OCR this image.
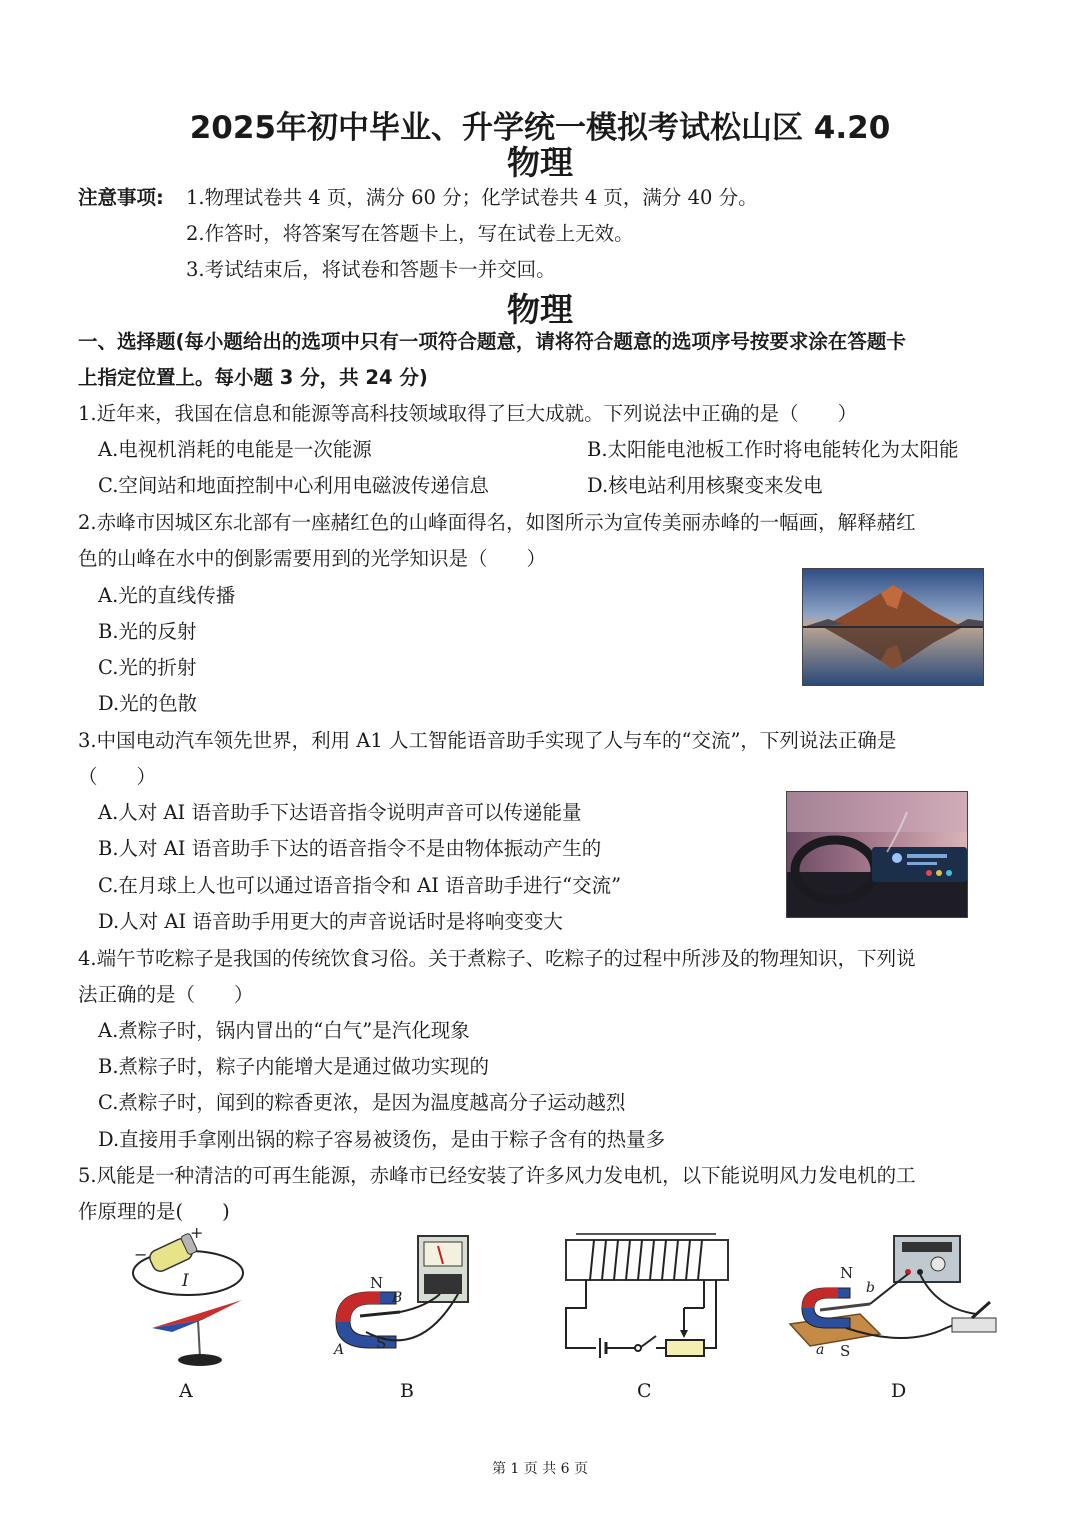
2025年初中毕业、升学统一模拟考试松山区 4.20
物理
注意事项: 1.物理试卷共 4 页，满分 60 分；化学试卷共 4 页，满分 40 分。
2.作答时，将答案写在答题卡上，写在试卷上无效。
3.考试结束后，将试卷和答题卡一并交回。
物理
一、选择题(每小题给出的选项中只有一项符合题意，请将符合题意的选项序号按要求涂在答题卡
上指定位置上。每小题 3 分，共 24 分)
1.近年来，我国在信息和能源等高科技领域取得了巨大成就。下列说法中正确的是（　　）
A.电视机消耗的电能是一次能源	B.太阳能电池板工作时将电能转化为太阳能
C.空间站和地面控制中心利用电磁波传递信息	D.核电站利用核聚变来发电
2.赤峰市因城区东北部有一座赭红色的山峰面得名，如图所示为宣传美丽赤峰的一幅画，解释赭红
色的山峰在水中的倒影需要用到的光学知识是（　　）
A.光的直线传播
B.光的反射
C.光的折射
D.光的色散
3.中国电动汽车领先世界，利用 A1 人工智能语音助手实现了人与车的“交流”，下列说法正确是
（　　）
A.人对 AI 语音助手下达语音指令说明声音可以传递能量
B.人对 AI 语音助手下达的语音指令不是由物体振动产生的
C.在月球上人也可以通过语音指令和 AI 语音助手进行“交流”
D.人对 AI 语音助手用更大的声音说话时是将响变变大
4.端午节吃粽子是我国的传统饮食习俗。关于煮粽子、吃粽子的过程中所涉及的物理知识，下列说
法正确的是（　　）
A.煮粽子时，锅内冒出的“白气”是汽化现象
B.煮粽子时，粽子内能增大是通过做功实现的
C.煮粽子时，闻到的粽香更浓，是因为温度越高分子运动越烈
D.直接用手拿刚出锅的粽子容易被烫伤，是由于粽子含有的热量多
5.风能是一种清洁的可再生能源，赤峰市已经安装了许多风力发电机，以下能说明风力发电机的工
作原理的是(　　)
+
−
I
A
N
B
S
A
B	C
N
b
a S
D
第 1 页 共 6 页
